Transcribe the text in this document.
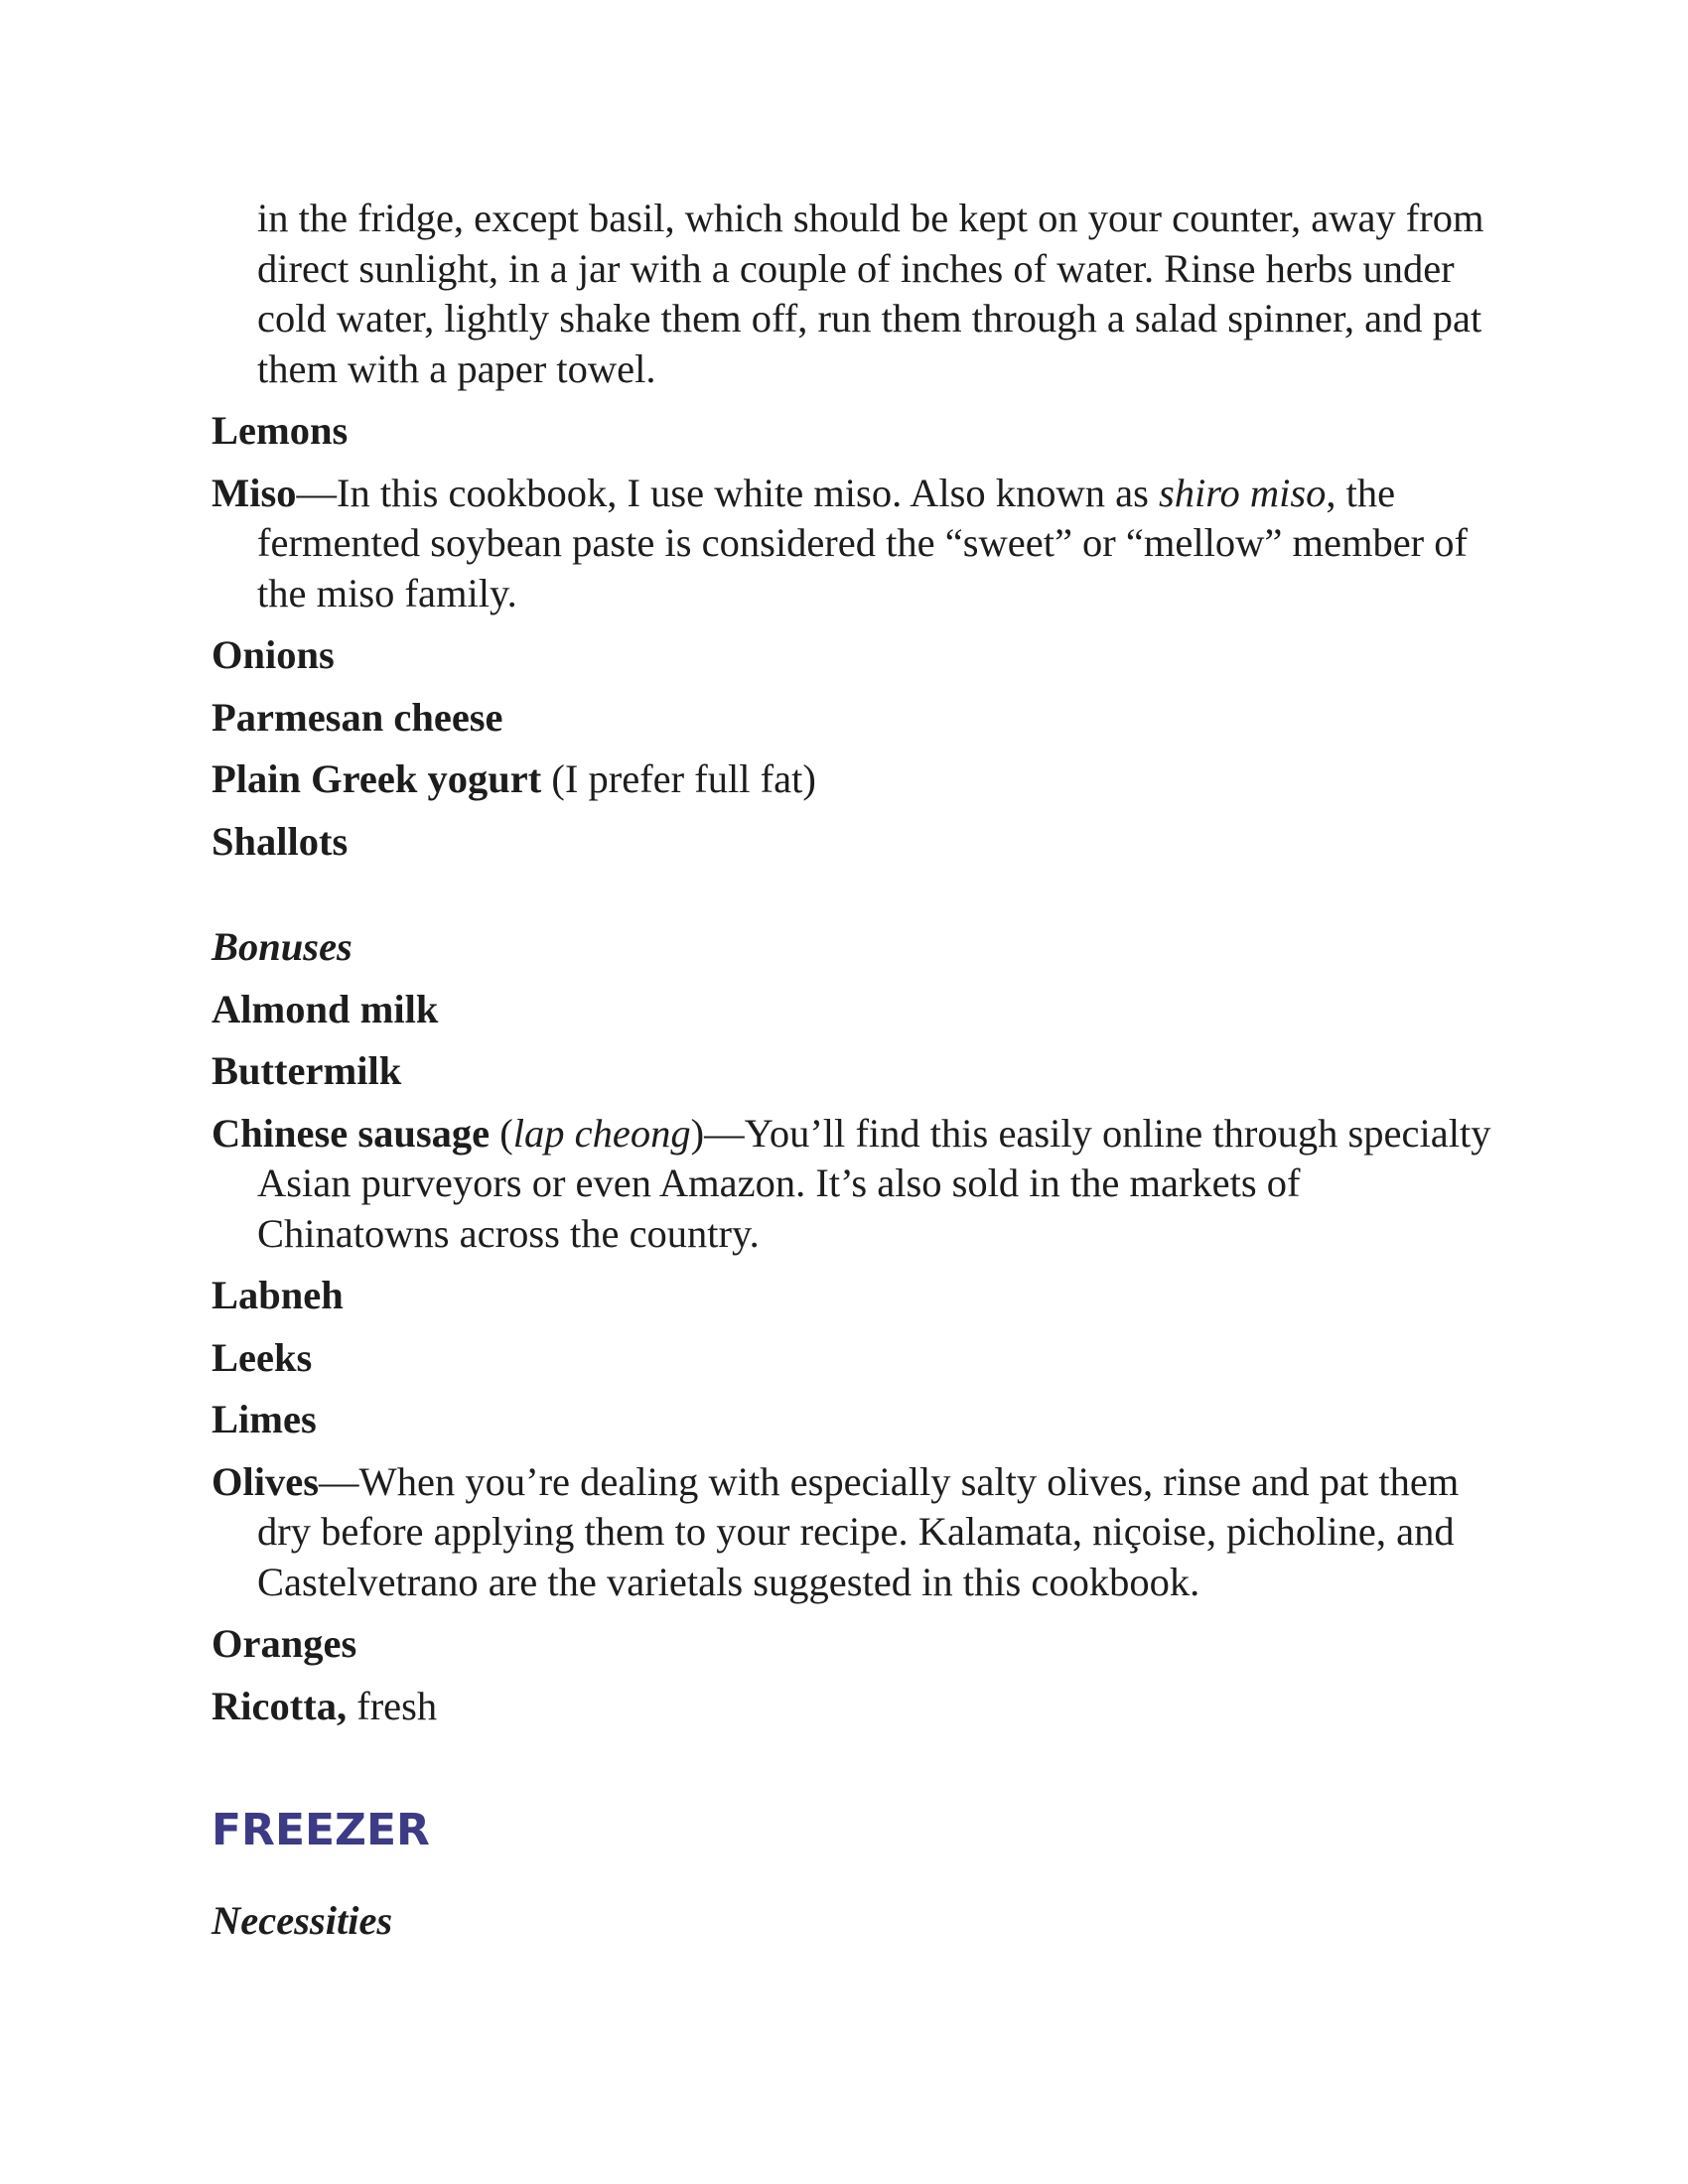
in the fridge, except basil, which should be kept on your counter, away from direct sunlight, in a jar with a couple of inches of water. Rinse herbs under cold water, lightly shake them off, run them through a salad spinner, and pat them with a paper towel.

Lemons

Miso—In this cookbook, I use white miso. Also known as shiro miso, the fermented soybean paste is considered the “sweet” or “mellow” member of the miso family.

Onions

Parmesan cheese

Plain Greek yogurt (I prefer full fat)

Shallots

Bonuses

Almond milk

Buttermilk

Chinese sausage (lap cheong)—You’ll find this easily online through specialty Asian purveyors or even Amazon. It’s also sold in the markets of Chinatowns across the country.

Labneh

Leeks

Limes

Olives—When you’re dealing with especially salty olives, rinse and pat them dry before applying them to your recipe. Kalamata, niçoise, picholine, and Castelvetrano are the varietals suggested in this cookbook.

Oranges

Ricotta, fresh

FREEZER

Necessities
